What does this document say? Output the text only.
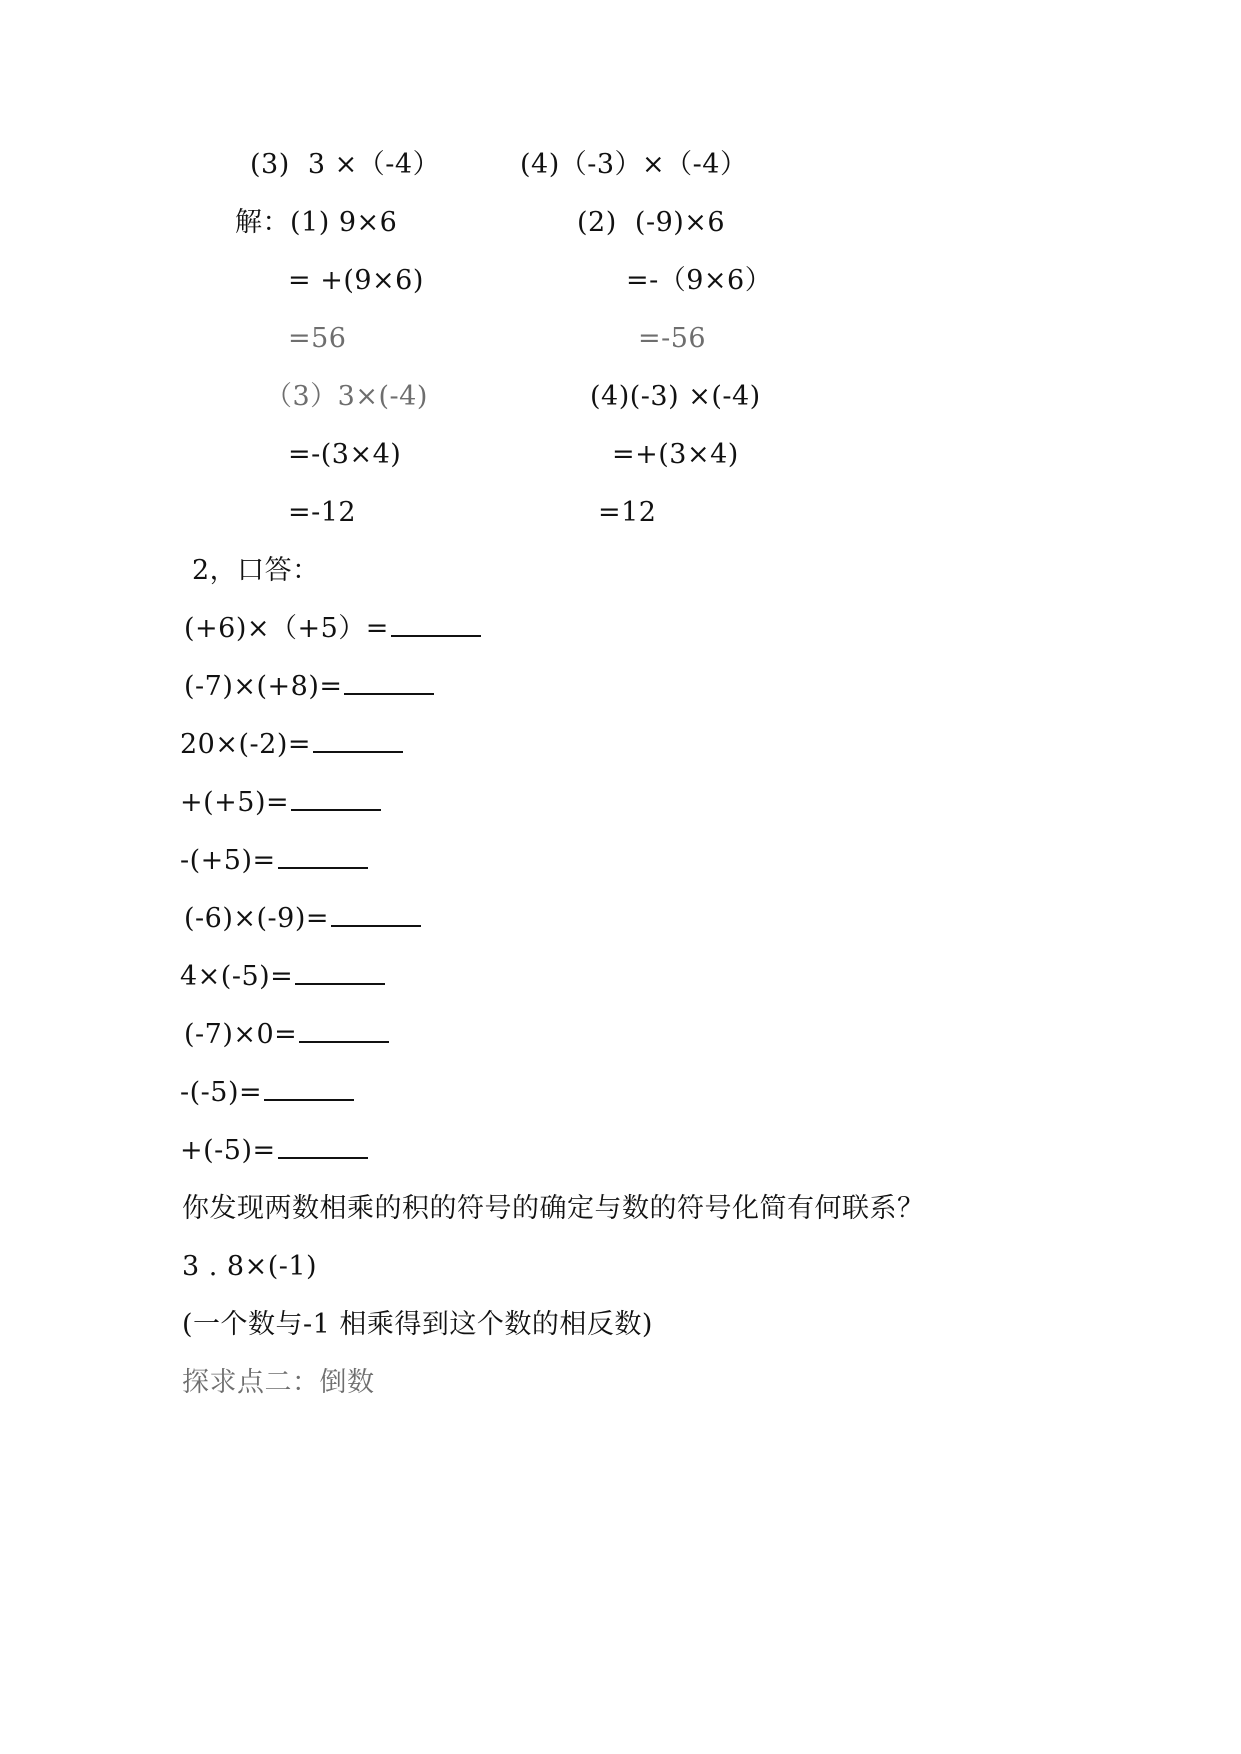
(3)  3 ×（-4）	(4)（-3）×（-4）
解： (1) 9×6
= +(9×6)
=56
（3）3×(-4)
=-(3×4)
=-12
(2)  (-9)×6
=-（9×6）
=-56
(4)(-3) ×(-4)
=+(3×4)
=12
2，口答：
(+6)×（+5）=
(-7)×(+8)=
20×(-2)=
+(+5)=
-(+5)=
(-6)×(-9)=
4×(-5)=
(-7)×0=
-(-5)=
+(-5)=
你发现两数相乘的积的符号的确定与数的符号化简有何联系？
3 . 8×(-1)
(一个数与-1 相乘得到这个数的相反数)
探求点二：倒数
